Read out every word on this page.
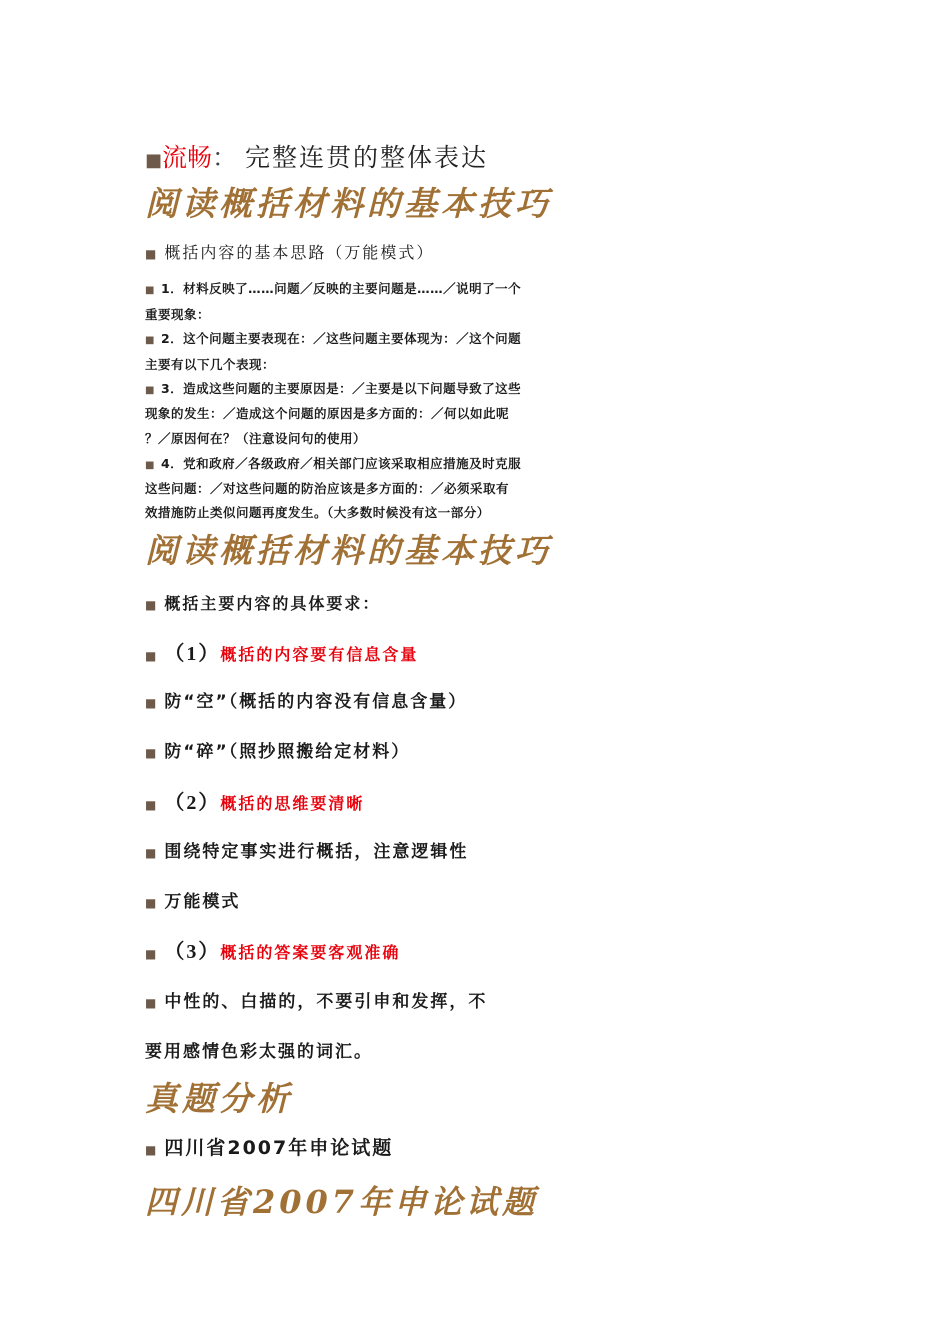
■流畅： 完整连贯的整体表达
阅读概括材料的基本技巧
■ 概括内容的基本思路（万能模式）
■ 1．材料反映了……问题／反映的主要问题是……／说明了一个
重要现象：
■ 2．这个问题主要表现在：／这些问题主要体现为：／这个问题
主要有以下几个表现：
■ 3．造成这些问题的主要原因是：／主要是以下问题导致了这些
现象的发生：／造成这个问题的原因是多方面的：／何以如此呢
？／原因何在？（注意设问句的使用）
■ 4．党和政府／各级政府／相关部门应该采取相应措施及时克服
这些问题：／对这些问题的防治应该是多方面的：／必须采取有
效措施防止类似问题再度发生。（大多数时候没有这一部分）
阅读概括材料的基本技巧
■ 概括主要内容的具体要求：
■ （1）概括的内容要有信息含量
■ 防“空”（概括的内容没有信息含量）
■ 防“碎”（照抄照搬给定材料）
■ （2）概括的思维要清晰
■ 围绕特定事实进行概括，注意逻辑性
■ 万能模式
■ （3）概括的答案要客观准确
■ 中性的、白描的，不要引申和发挥，不
要用感情色彩太强的词汇。
真题分析
■ 四川省2007年申论试题
四川省2007年申论试题
